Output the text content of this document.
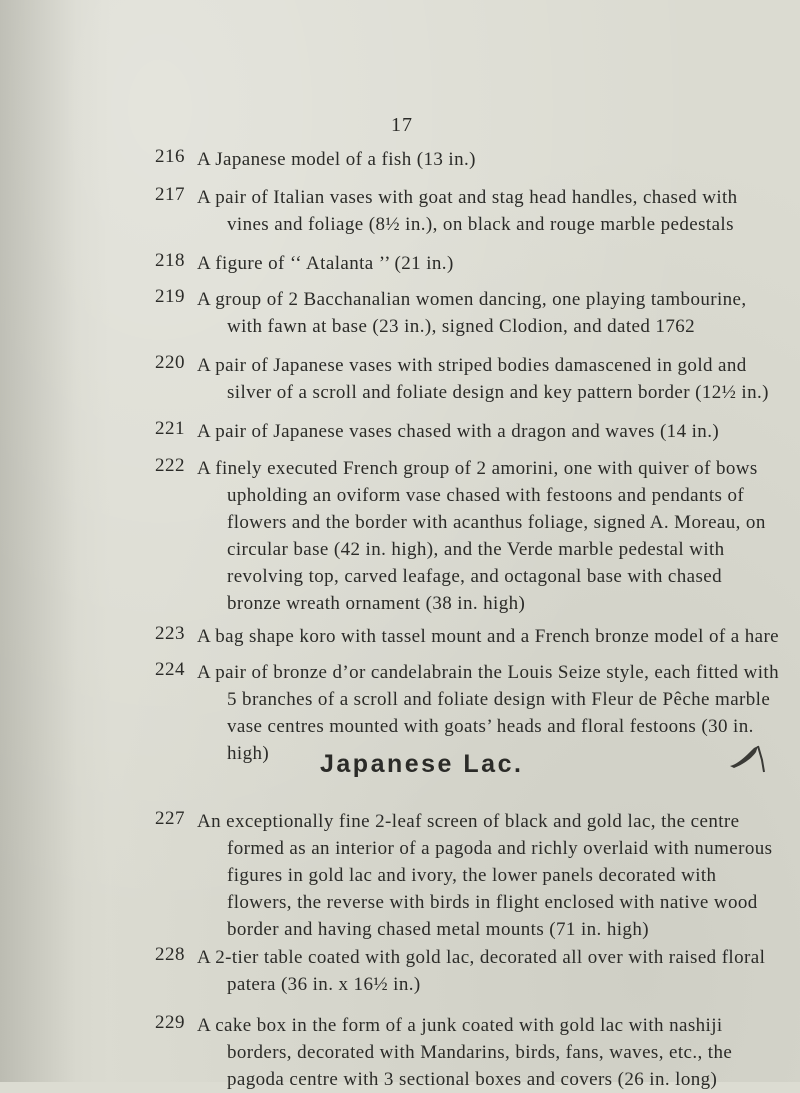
17
216 A Japanese model of a fish (13 in.)
217 A pair of Italian vases with goat and stag head handles, chased with vines and foliage (8½ in.), on black and rouge marble pedestals
218 A figure of ‘‘ Atalanta ’’ (21 in.)
219 A group of 2 Bacchanalian women dancing, one playing tambourine, with fawn at base (23 in.), signed Clodion, and dated 1762
220 A pair of Japanese vases with striped bodies damascened in gold and silver of a scroll and foliate design and key pattern border (12½ in.)
221 A pair of Japanese vases chased with a dragon and waves (14 in.)
222 A finely executed French group of 2 amorini, one with quiver of bows upholding an oviform vase chased with festoons and pendants of flowers and the border with acanthus foliage, signed A. Moreau, on circular base (42 in. high), and the Verde marble pedestal with revolving top, carved leafage, and octagonal base with chased bronze wreath ornament (38 in. high)
223 A bag shape koro with tassel mount and a French bronze model of a hare
224 A pair of bronze d’or candelabrain the Louis Seize style, each fitted with 5 branches of a scroll and foliate design with Fleur de Pêche marble vase centres mounted with goats’ heads and floral festoons (30 in. high)	Japanese Lac.
227 An exceptionally fine 2-leaf screen of black and gold lac, the centre formed as an interior of a pagoda and richly overlaid with numerous figures in gold lac and ivory, the lower panels decorated with flowers, the reverse with birds in flight enclosed with native wood border and having chased metal mounts (71 in. high)
228 A 2-tier table coated with gold lac, decorated all over with raised floral patera (36 in. x 16½ in.)
229 A cake box in the form of a junk coated with gold lac with nashiji borders, decorated with Mandarins, birds, fans, waves, etc., the pagoda centre with 3 sectional boxes and covers (26 in. long)
